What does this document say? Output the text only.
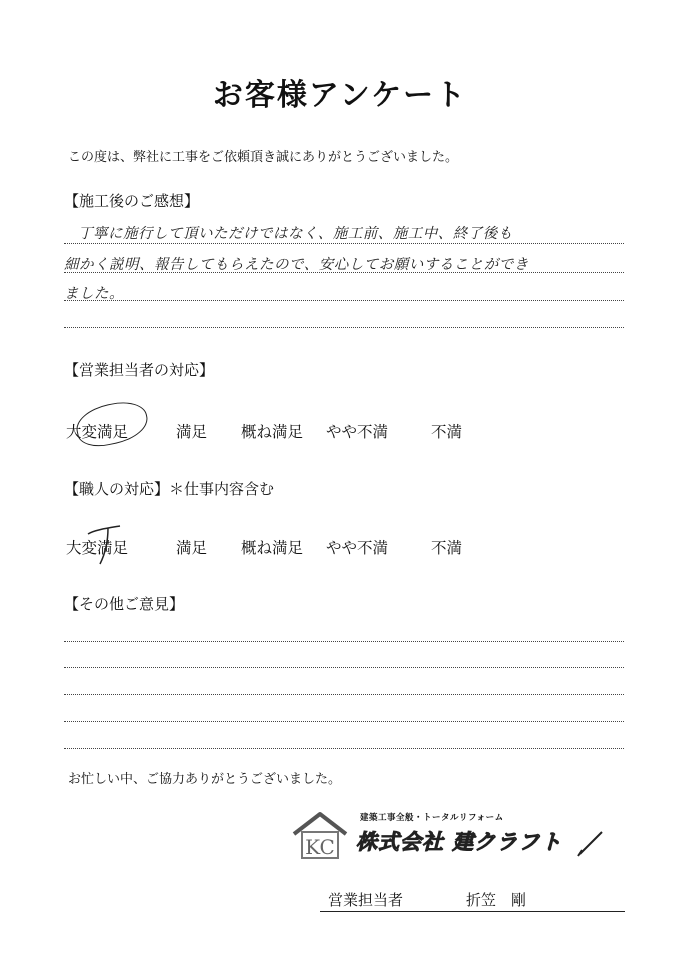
お客様アンケート
この度は、弊社に工事をご依頼頂き誠にありがとうございました。
【施工後のご感想】
丁寧に施行して頂いただけではなく、施工前、施工中、終了後も
細かく説明、報告してもらえたので、安心してお願いすることができ
ました。
【営業担当者の対応】
大変満足	満足 概ね満足 やや不満	不満
【職人の対応】＊仕事内容含む
大変満足	満足 概ね満足 やや不満	不満
【その他ご意見】
お忙しい中、ご協力ありがとうございました。
KC
建築工事全般・トータルリフォーム
株式会社 建クラフト
営業担当者	折笠　剛
